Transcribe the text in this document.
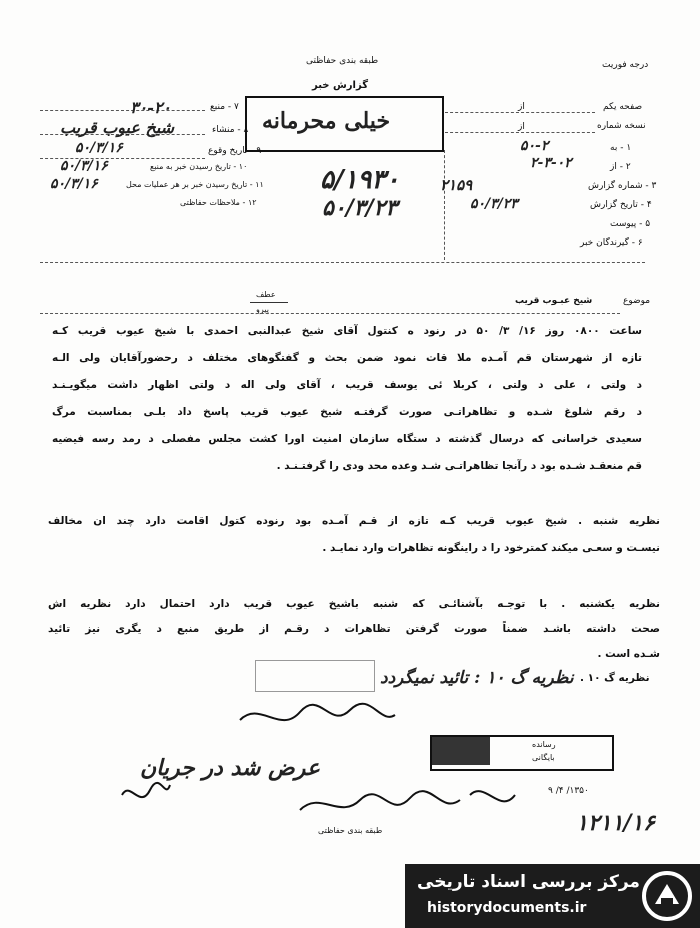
طبقه بندی حفاظتی
گزارش خبر
درجه فوریت
خیلی محرمانه
۷ - منبع
۸ - منشاء
۹ - تاریخ وقوع
۱۰ - تاریخ رسیدن خبر به منبع
۱۱ - تاریخ رسیدن خبر بر هر عملیات محل
۱۲ - ملاحظات حفاظتی
صفحه یکم
نسخه شماره
۱ - به
۲ - از
۳ - شماره گزارش
۴ - تاریخ گزارش
۵ - پیوست
۶ - گیرندگان خبر
از
از
۳۰-۲۰
شیخ عیوب قریب
۵۰/۳/۱۶
۵۰/۳/۱۶
۵۰/۳/۱۶	۵/۱۹۳۰
۵۰/۳/۲۳
۵۰-۲
۲-۳-۰۲
۲۱۵۹
۵۰/۳/۲۳
موضوع
شیخ عبـوب قریب
عطف
پیرو
ساعت ۰۸۰۰ روز ۱۶/ ۳/ ۵۰ در رنود ه کنتول آقای شیخ عبدالنبی احمدی با شیخ عیوب قریب کـه
تازه از شهرستان قم آمـده ملا قات نمود ضمن بحث و گفتگوهای مختلف د رحضورآقایان ولی الـه
د ولتی ، علی د ولتی ، کربلا ئی یوسف قریب ، آقای ولی اله د ولتی اظهار داشت میگویـنـد
د رقم شلوغ شـده و تظاهراتـی صورت گرفتـه شیخ عیوب قریب پاسخ داد بلـی بمناسبت مرگ
سعیدی خراسانی که درسال گذشته د ستگاه سازمان امنیت اورا کشت مجلس مفصلی د رمد رسه فیضیه
قم منعقـد شـده بود د رآنجا تظاهراتـی شـد وعده محد ودی را گرفتـنـد .
نظریه شنبه . شیخ عیوب قریب کـه تازه از قـم آمـده بود رنوده کتول اقامت دارد چند ان مخالف
نیسـت و سعـی میکند کمترخود را د راینگونه تظاهرات وارد نمایـد .
نظریه یکشنبه . با توجـه بآشنائـی که شنبه باشیخ عیوب قریب دارد احتمال دارد نظریه اش
صحت داشته باشـد ضمناً صورت گرفتن تظاهرات د رقـم از طریق منبع د یگری نیز تائید
شـده است .
نظریه گ ۱۰ .
نظریه گ ۱۰ : تائید نمیگردد
رسانده
بایگانی
عرض شد در جریان
۱۲۱۱/۱۶
۱۳۵۰/ ۴/ ۹
طبقه بندی حفاظتی
مرکز بررسی اسناد تاریخی
historydocuments.ir
